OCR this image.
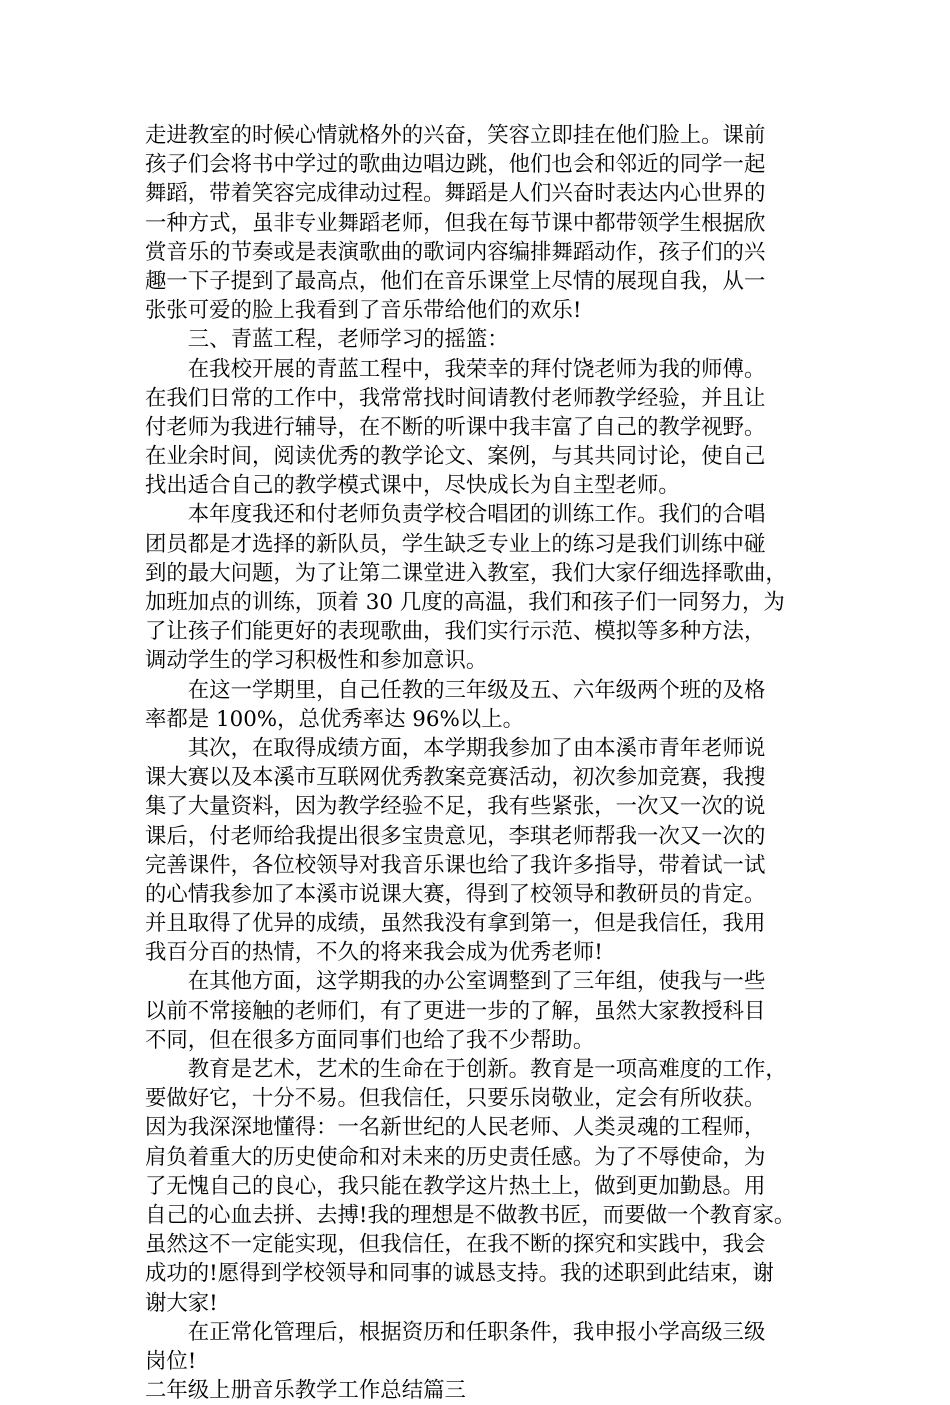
走进教室的时候心情就格外的兴奋，笑容立即挂在他们脸上。课前
孩子们会将书中学过的歌曲边唱边跳，他们也会和邻近的同学一起
舞蹈，带着笑容完成律动过程。舞蹈是人们兴奋时表达内心世界的
一种方式，虽非专业舞蹈老师，但我在每节课中都带领学生根据欣
赏音乐的节奏或是表演歌曲的歌词内容编排舞蹈动作，孩子们的兴
趣一下子提到了最高点，他们在音乐课堂上尽情的展现自我，从一
张张可爱的脸上我看到了音乐带给他们的欢乐!
　　三、青蓝工程，老师学习的摇篮：
　　在我校开展的青蓝工程中，我荣幸的拜付饶老师为我的师傅。
在我们日常的工作中，我常常找时间请教付老师教学经验，并且让
付老师为我进行辅导，在不断的听课中我丰富了自己的教学视野。
在业余时间，阅读优秀的教学论文、案例，与其共同讨论，使自己
找出适合自己的教学模式课中，尽快成长为自主型老师。
　　本年度我还和付老师负责学校合唱团的训练工作。我们的合唱
团员都是才选择的新队员，学生缺乏专业上的练习是我们训练中碰
到的最大问题，为了让第二课堂进入教室，我们大家仔细选择歌曲，
加班加点的训练，顶着 30 几度的高温，我们和孩子们一同努力，为
了让孩子们能更好的表现歌曲，我们实行示范、模拟等多种方法，
调动学生的学习积极性和参加意识。
　　在这一学期里，自己任教的三年级及五、六年级两个班的及格
率都是 100%，总优秀率达 96%以上。
　　其次，在取得成绩方面，本学期我参加了由本溪市青年老师说
课大赛以及本溪市互联网优秀教案竞赛活动，初次参加竞赛，我搜
集了大量资料，因为教学经验不足，我有些紧张，一次又一次的说
课后，付老师给我提出很多宝贵意见，李琪老师帮我一次又一次的
完善课件，各位校领导对我音乐课也给了我许多指导，带着试一试
的心情我参加了本溪市说课大赛，得到了校领导和教研员的肯定。
并且取得了优异的成绩，虽然我没有拿到第一，但是我信任，我用
我百分百的热情，不久的将来我会成为优秀老师!
　　在其他方面，这学期我的办公室调整到了三年组，使我与一些
以前不常接触的老师们，有了更进一步的了解，虽然大家教授科目
不同，但在很多方面同事们也给了我不少帮助。
　　教育是艺术，艺术的生命在于创新。教育是一项高难度的工作，
要做好它，十分不易。但我信任，只要乐岗敬业，定会有所收获。
因为我深深地懂得：一名新世纪的人民老师、人类灵魂的工程师，
肩负着重大的历史使命和对未来的历史责任感。为了不辱使命，为
了无愧自己的良心，我只能在教学这片热土上，做到更加勤恳。用
自己的心血去拼、去搏!我的理想是不做教书匠，而要做一个教育家。
虽然这不一定能实现，但我信任，在我不断的探究和实践中，我会
成功的!愿得到学校领导和同事的诚恳支持。我的述职到此结束，谢
谢大家!
　　在正常化管理后，根据资历和任职条件，我申报小学高级三级
岗位!
二年级上册音乐教学工作总结篇三
